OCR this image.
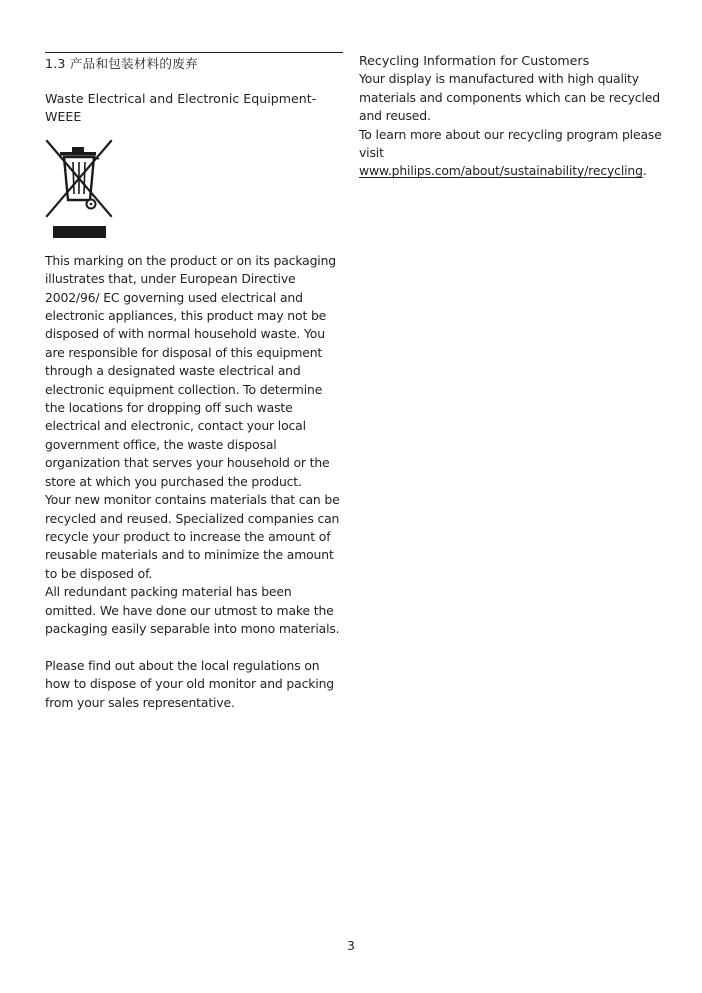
1.3 产品和包装材料的废弃
Waste Electrical and Electronic Equipment-WEEE

This marking on the product or on its packaging illustrates that, under European Directive 2002/96/ EC governing used electrical and electronic appliances, this product may not be disposed of with normal household waste. You are responsible for disposal of this equipment through a designated waste electrical and electronic equipment collection. To determine the locations for dropping off such waste electrical and electronic, contact your local government office, the waste disposal organization that serves your household or the store at which you purchased the product.

Your new monitor contains materials that can be recycled and reused. Specialized companies can recycle your product to increase the amount of reusable materials and to minimize the amount to be disposed of.

All redundant packing material has been omitted. We have done our utmost to make the packaging easily separable into mono materials.

Please find out about the local regulations on how to dispose of your old monitor and packing from your sales representative.

Recycling Information for Customers

Your display is manufactured with high quality materials and components which can be recycled and reused.

To learn more about our recycling program please visit www.philips.com/about/sustainability/recycling.

3
